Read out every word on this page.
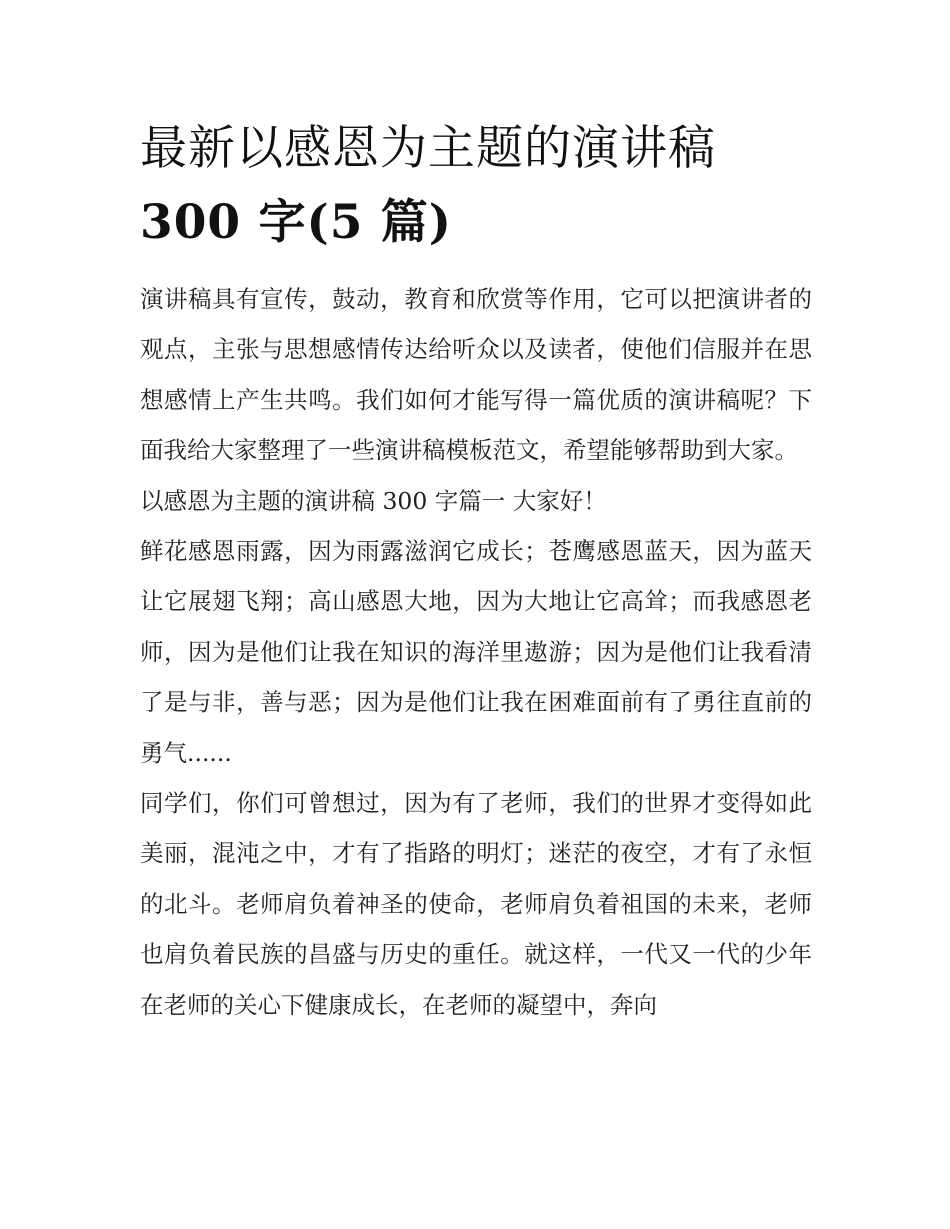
最新以感恩为主题的演讲稿
300 字(5 篇)

演讲稿具有宣传，鼓动，教育和欣赏等作用，它可以把演讲者的观点，主张与思想感情传达给听众以及读者，使他们信服并在思想感情上产生共鸣。我们如何才能写得一篇优质的演讲稿呢？下面我给大家整理了一些演讲稿模板范文，希望能够帮助到大家。

以感恩为主题的演讲稿 300 字篇一 大家好！

鲜花感恩雨露，因为雨露滋润它成长；苍鹰感恩蓝天，因为蓝天让它展翅飞翔；高山感恩大地，因为大地让它高耸；而我感恩老师，因为是他们让我在知识的海洋里遨游；因为是他们让我看清了是与非，善与恶；因为是他们让我在困难面前有了勇往直前的勇气......

同学们，你们可曾想过，因为有了老师，我们的世界才变得如此美丽，混沌之中，才有了指路的明灯；迷茫的夜空，才有了永恒的北斗。老师肩负着神圣的使命，老师肩负着祖国的未来，老师也肩负着民族的昌盛与历史的重任。就这样，一代又一代的少年在老师的关心下健康成长，在老师的凝望中，奔向
